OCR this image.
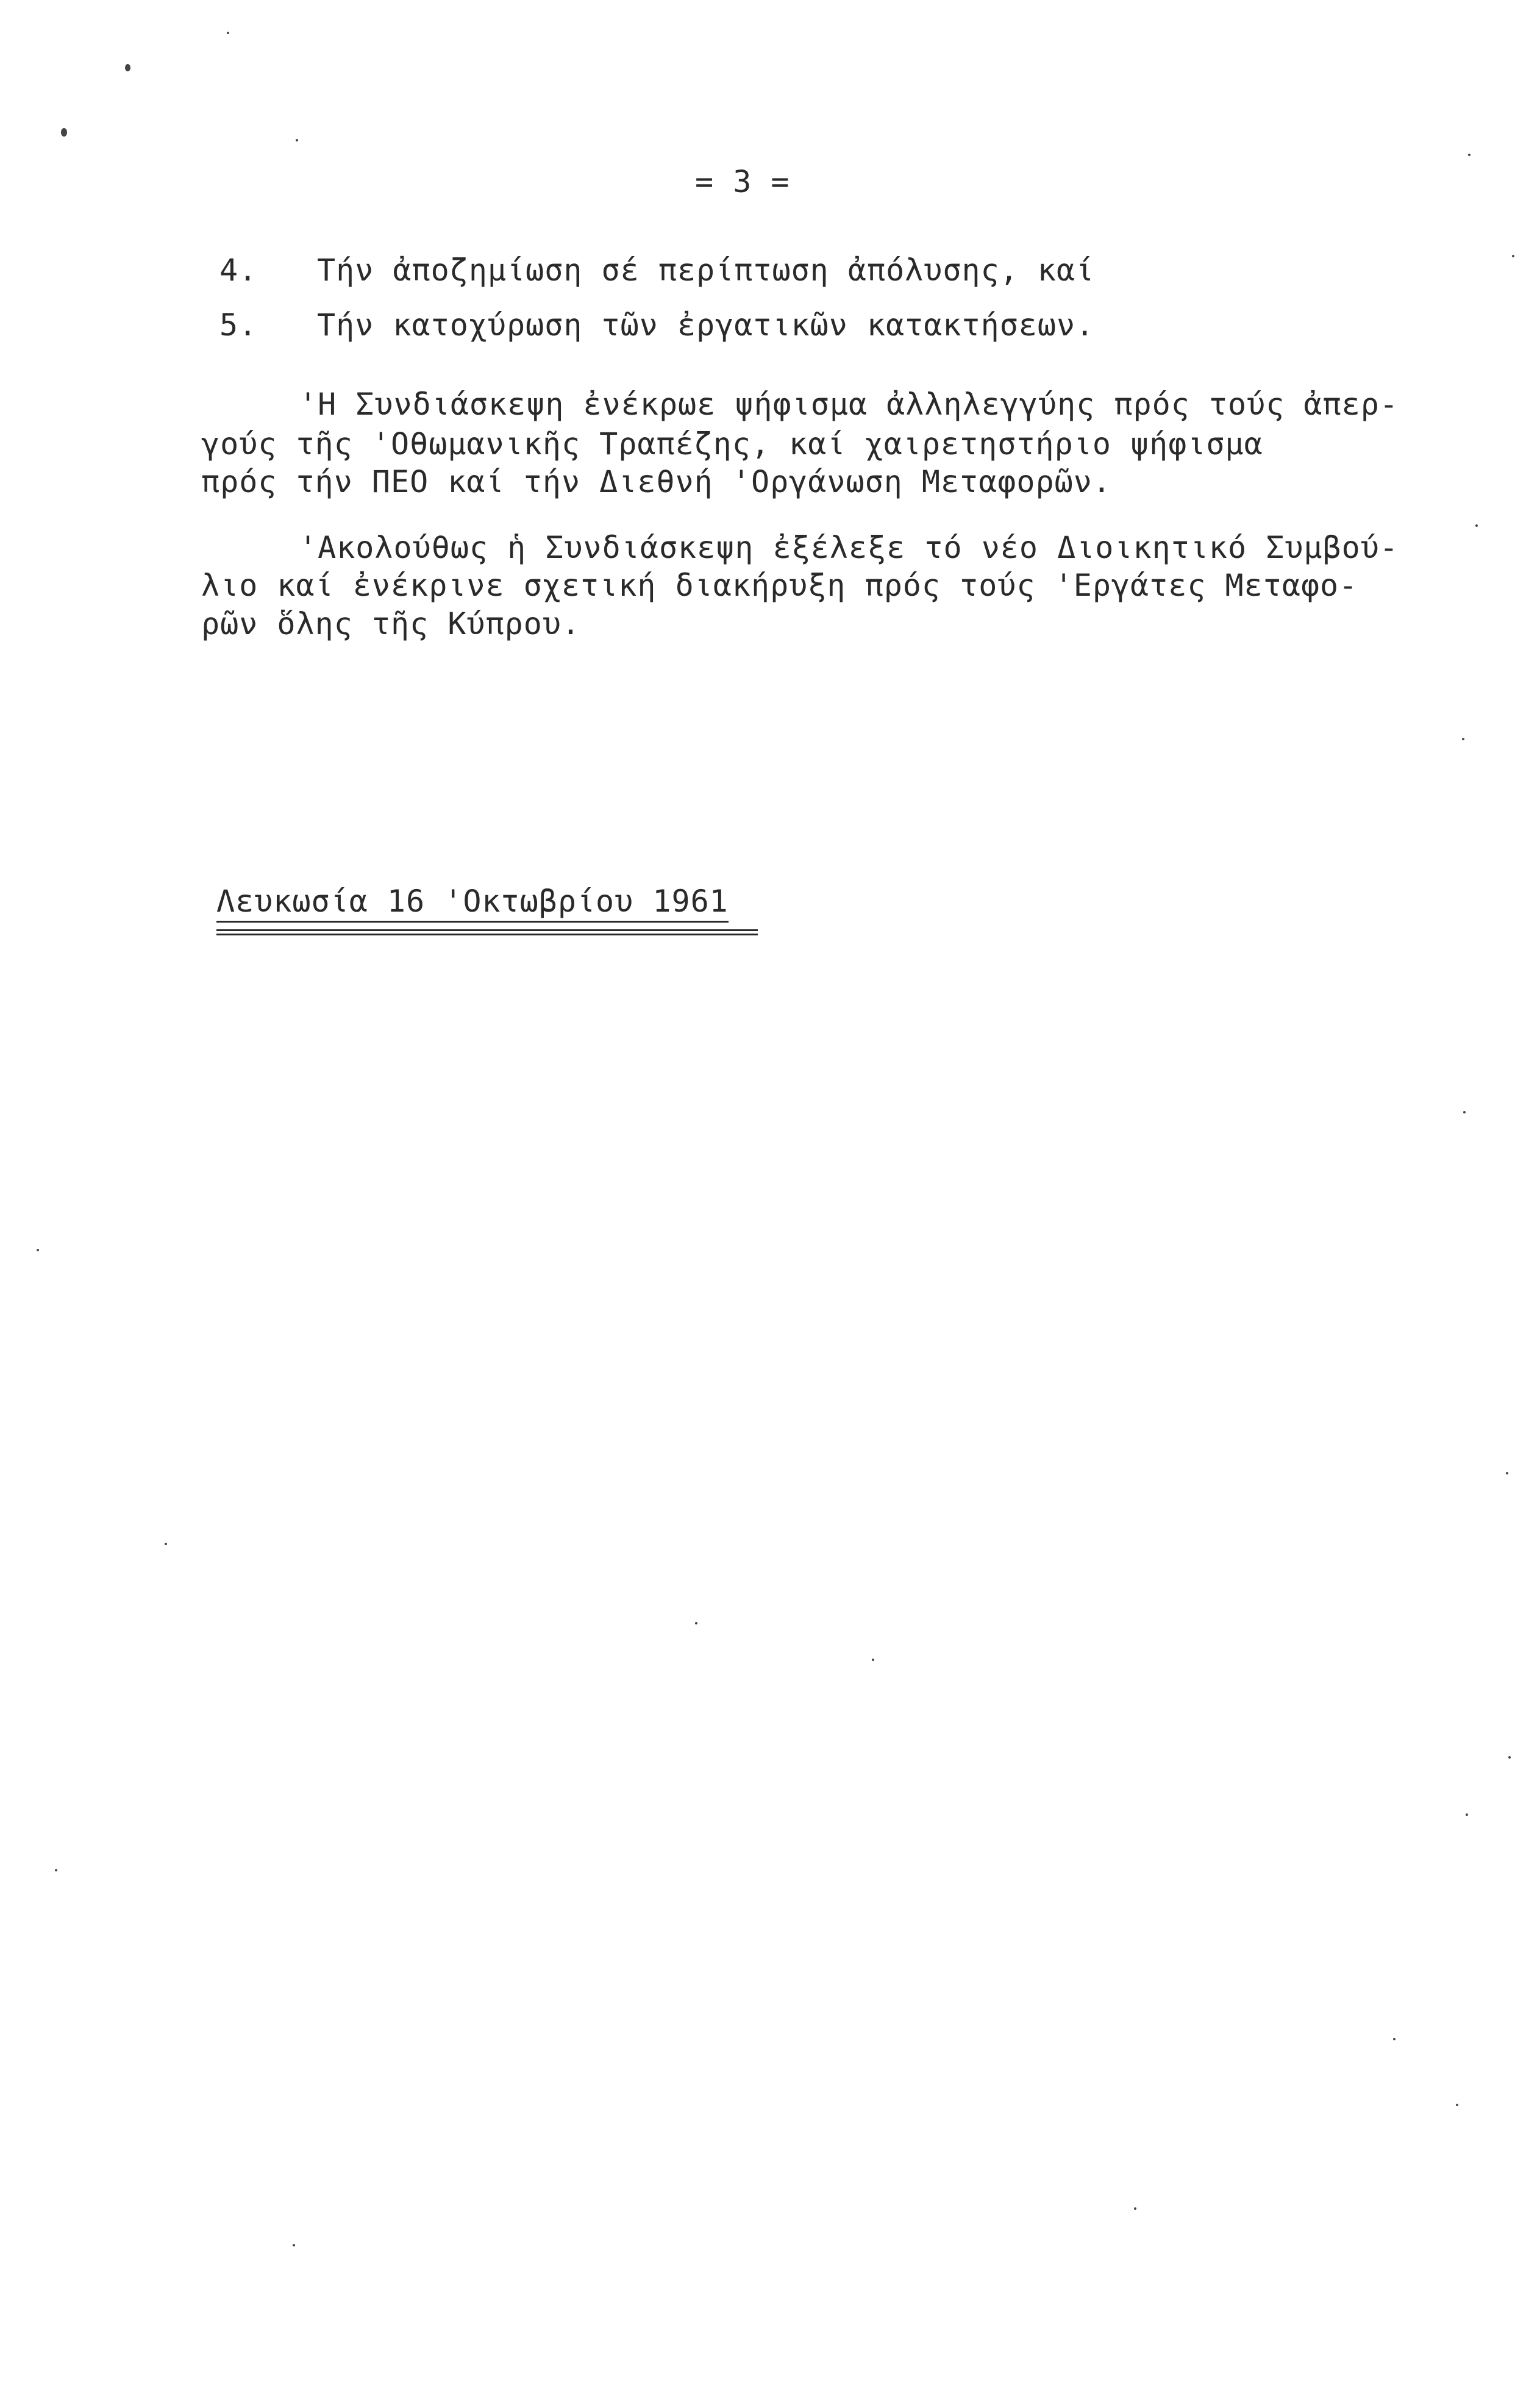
= 3 =
4. Τήν ἀποζημίωση σέ περίπτωση ἀπόλυσης, καί
5. Τήν κατοχύρωση τῶν ἐργατικῶν κατακτήσεων.
'Η Συνδιάσκεψη ἐνέκρωε ψήφισμα ἀλληλεγγύης πρός τούς ἀπερ-
γούς τῆς 'Οθωμανικῆς Τραπέζης, καί χαιρετηστήριο ψήφισμα
πρός τήν ΠΕΟ καί τήν Διεθνή 'Οργάνωση Μεταφορῶν.
'Ακολούθως ἡ Συνδιάσκεψη ἐξέλεξε τό νέο Διοικητικό Συμβού-
λιο καί ἐνέκρινε σχετική διακήρυξη πρός τούς 'Εργάτες Μεταφο-
ρῶν ὅλης τῆς Κύπρου.
Λευκωσία 16 'Οκτωβρίου 1961
